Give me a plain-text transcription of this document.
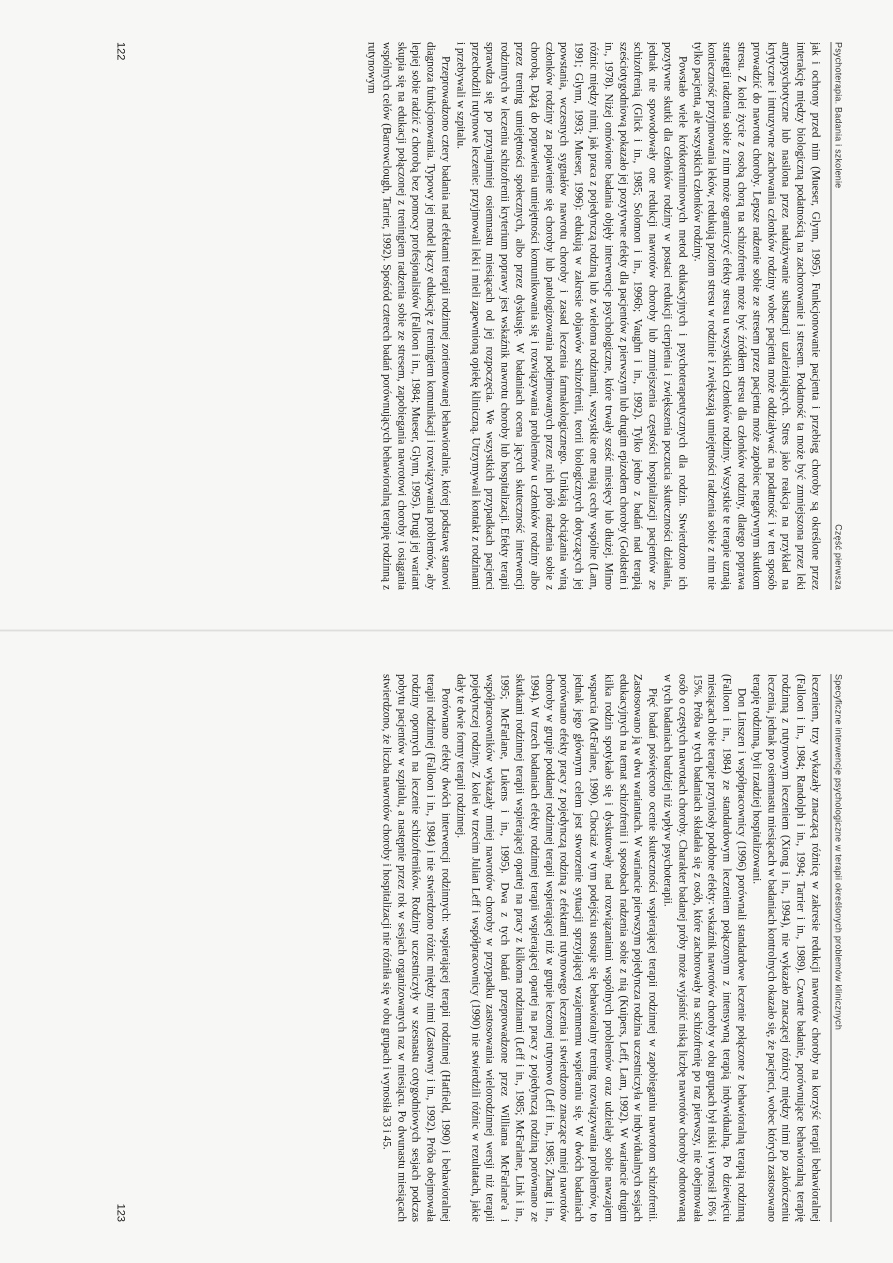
Psychoterapia. Badania i szkolenie
Część pierwsza

jak i ochrony przed nim (Mueser, Glynn, 1995). Funkcjonowanie pacjenta i przebieg choroby są określone przez interakcję między biologiczną podatnością na zachorowanie i stresem. Podatność ta może być zmniejszona przez leki antypsychotyczne lub nasilona przez nadużywanie substancji uzależniających. Stres jako reakcja na przykład na krytyczne i intruzywne zachowania członków rodziny wobec pacjenta może oddziaływać na podatność i w ten sposób prowadzić do nawrotu choroby. Lepsze radzenie sobie ze stresem przez pacjenta może zapobiec negatywnym skutkom stresu. Z kolei życie z osobą chorą na schizofrenię może być źródłem stresu dla członków rodziny, dlatego poprawa strategii radzenia sobie z nim może ograniczyć efekty stresu u wszystkich członków rodziny. Wszystkie te terapie uznają konieczność przyjmowania leków, redukują poziom stresu w rodzinie i zwiększają umiejętności radzenia sobie z nim nie tylko pacjenta, ale wszystkich członków rodziny.

Powstało wiele krótkoterminowych metod edukacyjnych i psychoterapeutycznych dla rodzin. Stwierdzono ich pozytywne skutki dla członków rodziny w postaci redukcji cierpienia i zwiększenia poczucia skuteczności działania, jednak nie spowodowały one redukcji nawrotów choroby lub zmniejszenia częstości hospitalizacji pacjentów ze schizofrenią (Glick i in., 1985; Solomon i in., 1996b; Vaughn i in., 1992). Tylko jedno z badań nad terapią sześciotygodniową pokazało jej pozytywne efekty dla pacjentów z pierwszym lub drugim epizodem choroby (Goldstein i in., 1978). Niżej omówione badania objęły interwencje psychologiczne, które trwały sześć miesięcy lub dłużej. Mimo różnic między nimi, jak praca z pojedynczą rodziną lub z wieloma rodzinami, wszystkie one mają cechy wspólne (Lam, 1991; Glynn, 1993; Mueser, 1996): edukują w zakresie objawów schizofrenii, teorii biologicznych dotyczących jej powstania, wczesnych sygnałów nawrotu choroby i zasad leczenia farmakologicznego. Unikają obciążania winą członków rodziny za pojawienie się choroby lub patologizowania podejmowanych przez nich prób radzenia sobie z chorobą. Dążą do poprawienia umiejętności komunikowania się i rozwiązywania problemów u członków rodziny albo przez trening umiejętności społecznych, albo przez dyskusję. W badaniach ocena jących skuteczność interwencji rodzinnych w leczeniu schizofrenii kryterium poprawy jest wskaźnik nawrotu choroby lub hospitalizacji. Efekty terapii sprawdza się po przynajmniej osiemnastu miesiącach od jej rozpoczęcia. We wszystkich przypadkach pacjenci przechodzili rutynowe leczenie: przyjmowali leki i mieli zapewnioną opiekę kliniczną. Utrzymywali kontakt z rodzinami i przebywali w szpitalu.

Przeprowadzono cztery badania nad efektami terapii rodzinnej zorientowanej behawioralnie, której podstawę stanowi diagnoza funkcjonowania. Typowy jej model łączy edukację z treningiem komunikacji i rozwiązywania problemów, aby lepiej sobie radzić z chorobą bez pomocy profesjonalistów (Falloon i in., 1984; Mueser, Glynn, 1995). Drugi jej wariant skupia się na edukacji połączonej z treningiem radzenia sobie ze stresem, zapobiegania nawrotowi choroby i osiągania wspólnych celów (Barrowclough, Tarrier, 1992). Spośród czterech badań porównujących behawioralną terapię rodzinną z rutynowym

122
Specyficzne interwencje psychologiczne w terapii określonych problemów klinicznych

leczeniem, trzy wykazały znaczącą różnicę w zakresie redukcji nawrotów choroby na korzyść terapii behawioralnej (Falloon i in., 1984; Randolph i in., 1994; Tarrier i in., 1989). Czwarte badanie, porównujące behawioralną terapię rodzinną z rutynowym leczeniem (Xiong i in., 1994), nie wykazało znaczącej różnicy między nimi po zakończeniu leczenia, jednak po osiemnastu miesiącach w badaniach kontrolnych okazało się, że pacjenci, wobec których zastosowano terapię rodzinną, byli rzadziej hospitalizowani.

Don Linszen i współpracownicy (1996) porównali standardowe leczenie połączone z behawioralną terapią rodzinną (Falloon i in., 1984) ze standardowym leczeniem połączonym z intensywną terapią indywidualną. Po dziewięciu miesiącach obie terapie przyniosły podobne efekty: wskaźnik nawrotów choroby w obu grupach był niski i wynosił 16% i 15%. Próba w tych badaniach składała się z osób, które zachorowały na schizofrenię po raz pierwszy, nie obejmowała osób o częstych nawrotach choroby. Charakter badanej próby może wyjaśnić niską liczbę nawrotów choroby odnotowaną w tych badaniach bardziej niż wpływ psychoterapii.

Pięć badań poświęcono ocenie skuteczności wspierającej terapii rodzinnej w zapobieganiu nawrotom schizofrenii. Zastosowano ją w dwu wariantach. W wariancie pierwszym pojedyncza rodzina uczestniczyła w indywidualnych sesjach edukacyjnych na temat schizofrenii i sposobach radzenia sobie z nią (Kuipers, Leff, Lam, 1992). W wariancie drugim kilka rodzin spotykało się i dyskutowały nad rozwiązaniami wspólnych problemów oraz udzielały sobie nawzajem wsparcia (McFarlane, 1990). Chociaż w tym podejściu stosuje się behawioralny trening rozwiązywania problemów, to jednak jego głównym celem jest stworzenie sytuacji sprzyjającej wzajemnemu wspieraniu się. W dwóch badaniach porównano efekty pracy z pojedynczą rodziną z efektami rutynowego leczenia i stwierdzono znaczące mniej nawrotów choroby w grupie poddanej rodzinnej terapii wspierającej niż w grupie leczonej rutynowo (Leff i in., 1985; Zhang i in., 1994). W trzech badaniach efekty rodzinnej terapii wspierającej opartej na pracy z pojedynczą rodziną porównano ze skutkami rodzinnej terapii wspierającej opartej na pracy z kilkoma rodzinami (Leff i in., 1985; McFarlane, Link i in., 1995; McFarlane, Lukens i in., 1995). Dwa z tych badań przeprowadzone przez Williama McFarlane'a i współpracowników wykazały mniej nawrotów choroby w przypadku zastosowania wielorodzinnej wersji niż terapii pojedynczej rodziny. Z kolei w trzecim Julian Leff i współpracownicy (1990) nie stwierdzili różnic w rezultatach, jakie dały te dwie formy terapii rodzinnej.

Porównano efekty dwóch interwencji rodzinnych: wspierającej terapii rodzinnej (Hatfield, 1990) i behawioralnej terapii rodzinnej (Falloon i in., 1984) i nie stwierdzono różnic między nimi (Zastowny i in., 1992). Próba obejmowała rodziny opornych na leczenie schizofreników. Rodziny uczestniczyły w szesnastu cotygodniowych sesjach podczas pobytu pacjentów w szpitalu, a następnie przez rok w sesjach organizowanych raz w miesiącu. Po dwunastu miesiącach stwierdzono, że liczba nawrotów choroby i hospitalizacji nie różniła się w obu grupach i wynosiła 33 i 45.

123
